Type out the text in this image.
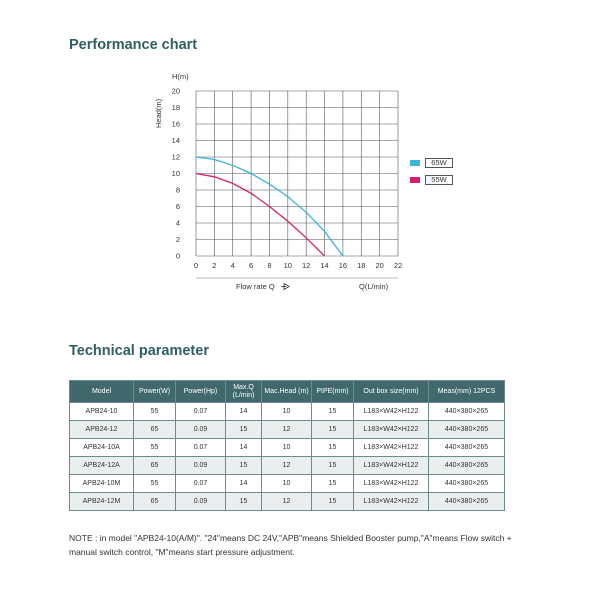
Performance chart
0 2 4 6 8 10 12 14 16 18 20 22
0
2
4
6
8
10
12
14
16
18
20
H(m)
Head(m)
Flow rate Q	Q(L/min)
65W
55W
Technical parameter
Model	Power(W)	Power(Hp)	Max.Q (L/min)	Mac.Head (m)	PIPE(mm)	Out box size(mm)	Meas(mm) 12PCS
APB24-10	55	0.07	14	10	15	L183×W42×H122	440×380×265
APB24-12	65	0.09	15	12	15	L183×W42×H122	440×380×265
APB24-10A	55	0.07	14	10	15	L183×W42×H122	440×380×265
APB24-12A	65	0.09	15	12	15	L183×W42×H122	440×380×265
APB24-10M	55	0.07	14	10	15	L183×W42×H122	440×380×265
APB24-12M	65	0.09	15	12	15	L183×W42×H122	440×380×265
NOTE : in model "APB24-10(A/M)". "24"means DC 24V,"APB"means Shielded Booster pump,"A"means Flow switch + manual switch control, "M"means start pressure adjustment.
